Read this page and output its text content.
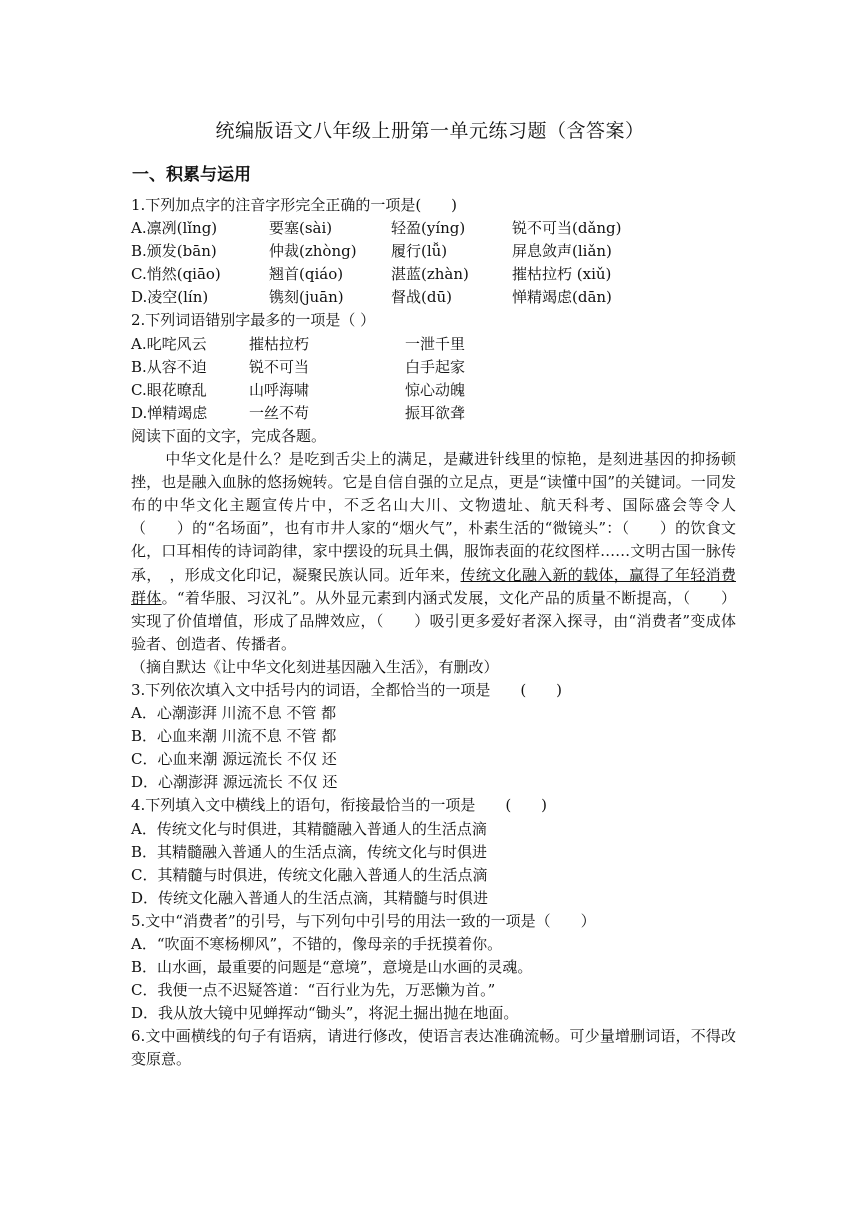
统编版语文八年级上册第一单元练习题（含答案）
一、积累与运用
1.下列加点字的注音字形完全正确的一项是(　　)
A.凛冽(lǐng)	要塞(sài)	轻盈(yíng)	锐不可当(dǎng)
B.颁发(bān)	仲裁(zhòng)	履行(lǚ)	屏息敛声(liǎn)
C.悄然(qiāo)	翘首(qiáo)	湛蓝(zhàn)	摧枯拉朽 (xiǔ)
D.凌空(lín)	镌刻(juān)	督战(dū)	惮精竭虑(dān)
2.下列词语错别字最多的一项是（ ）
A.叱咤风云	摧枯拉朽	一泄千里
B.从容不迫	锐不可当	白手起家
C.眼花暸乱	山呼海啸	惊心动魄
D.惮精竭虑	一丝不苟	振耳欲聋
阅读下面的文字，完成各题。
中华文化是什么？是吃到舌尖上的满足，是藏进针线里的惊艳，是刻进基因的抑扬顿挫，也是融入血脉的悠扬婉转。它是自信自强的立足点，更是“读懂中国”的关键词。一同发布的中华文化主题宣传片中，不乏名山大川、文物遗址、航天科考、国际盛会等令人（　　）的“名场面”，也有市井人家的“烟火气”，朴素生活的“微镜头”：（　　）的饮食文化，口耳相传的诗词韵律，家中摆设的玩具土偶，服饰表面的花纹图样……文明古国一脉传承，　，形成文化印记，凝聚民族认同。近年来，传统文化融入新的载体，赢得了年轻消费群体。“着华服、习汉礼”。从外显元素到内涵式发展，文化产品的质量不断提高，（　　）实现了价值增值，形成了品牌效应，（　　）吸引更多爱好者深入探寻，由“消费者”变成体验者、创造者、传播者。
（摘自默达《让中华文化刻进基因融入生活》，有删改）
3.下列依次填入文中括号内的词语，全都恰当的一项是　　(　　)
A．心潮澎湃 川流不息 不管 都
B．心血来潮 川流不息 不管 都
C．心血来潮 源远流长 不仅 还
D．心潮澎湃 源远流长 不仅 还
4.下列填入文中横线上的语句，衔接最恰当的一项是　　(　　)
A．传统文化与时俱进，其精髓融入普通人的生活点滴
B．其精髓融入普通人的生活点滴，传统文化与时俱进
C．其精髓与时俱进，传统文化融入普通人的生活点滴
D．传统文化融入普通人的生活点滴，其精髓与时俱进
5.文中“消费者”的引号，与下列句中引号的用法一致的一项是（　　）
A．“吹面不寒杨柳风”，不错的，像母亲的手抚摸着你。
B．山水画，最重要的问题是“意境”，意境是山水画的灵魂。
C．我便一点不迟疑答道：“百行业为先，万恶懒为首。”
D．我从放大镜中见蝉挥动“锄头”，将泥土掘出抛在地面。
6.文中画横线的句子有语病，请进行修改，使语言表达准确流畅。可少量增删词语，不得改变原意。
